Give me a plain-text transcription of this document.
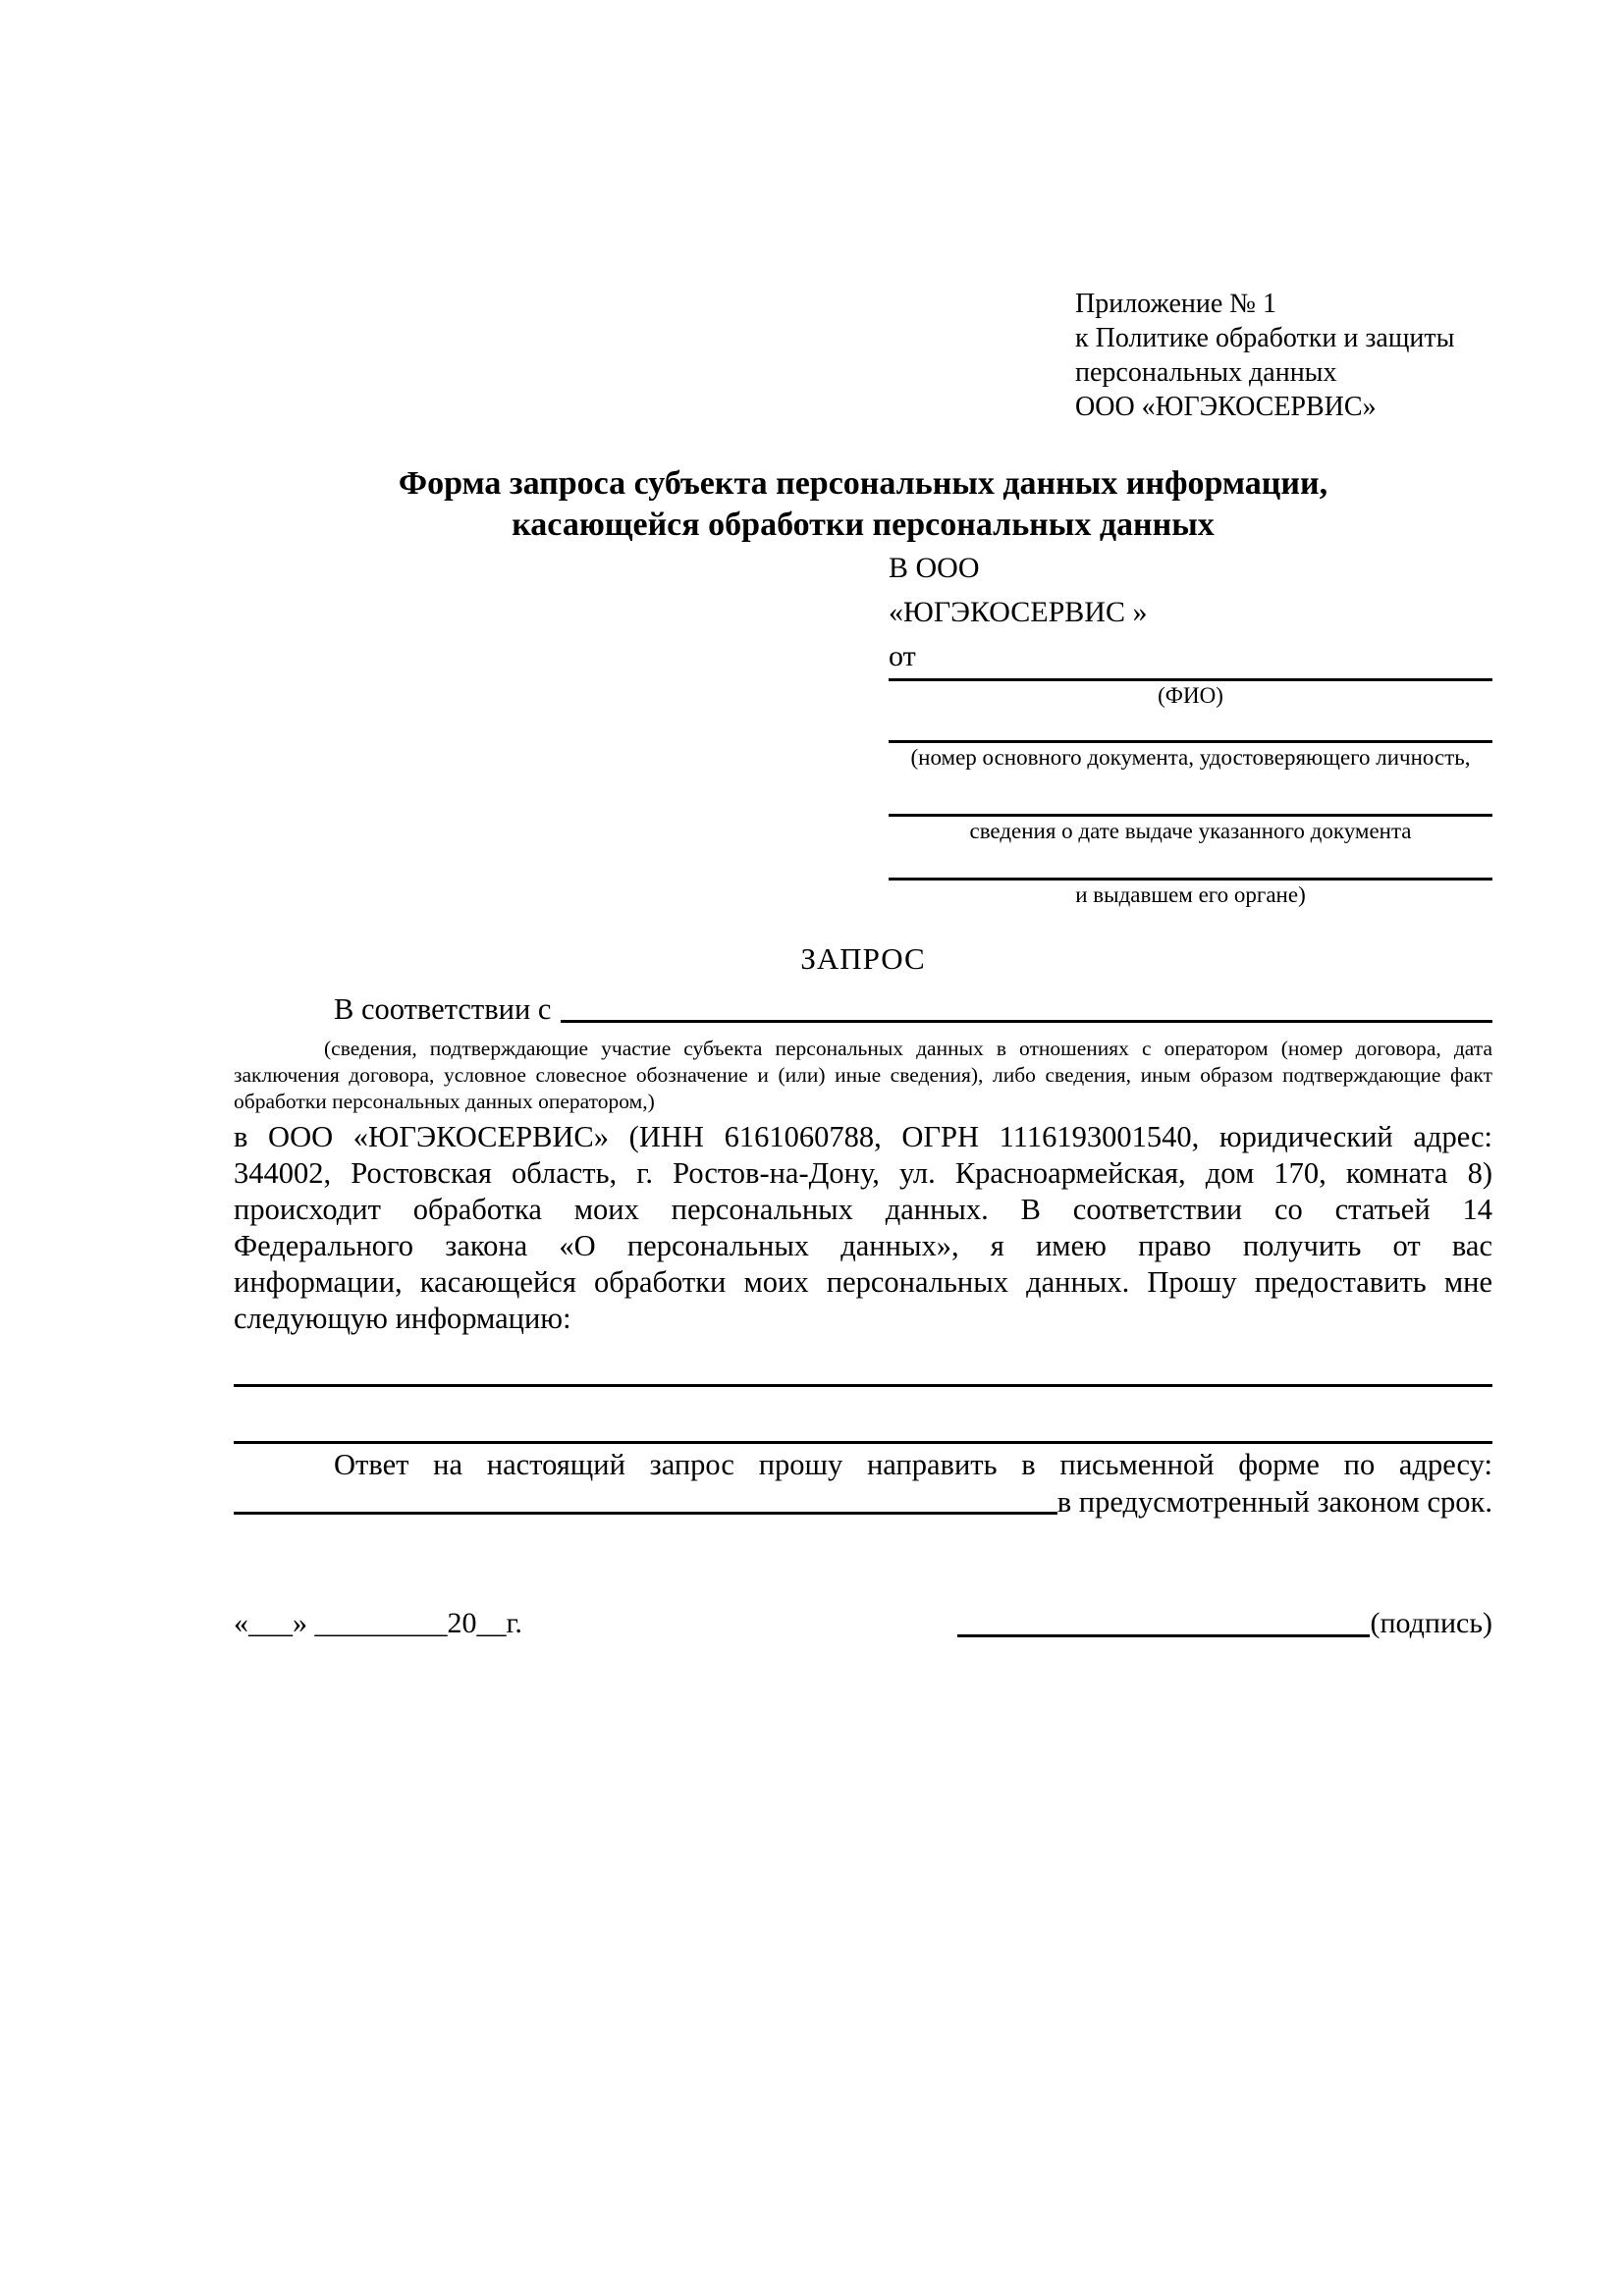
Приложение № 1
к Политике обработки и защиты
персональных данных
ООО «ЮГЭКОСЕРВИС»
Форма запроса субъекта персональных данных информации,
касающейся обработки персональных данных
В ООО
«ЮГЭКОСЕРВИС »
от
(ФИО)
(номер основного документа, удостоверяющего личность,
сведения о дате выдаче указанного документа
и выдавшем его органе)
ЗАПРОС
В соответствии с
(сведения, подтверждающие участие субъекта персональных данных в отношениях с оператором (номер договора, дата
заключения договора, условное словесное обозначение и (или) иные сведения), либо сведения, иным образом подтверждающие факт
обработки персональных данных оператором,)
в ООО «ЮГЭКОСЕРВИС» (ИНН 6161060788, ОГРН 1116193001540, юридический адрес:
344002, Ростовская область, г. Ростов-на-Дону, ул. Красноармейская, дом 170, комната 8)
происходит обработка моих персональных данных. В соответствии со статьей 14
Федерального закона «О персональных данных», я имею право получить от вас
информации, касающейся обработки моих персональных данных. Прошу предоставить мне
следующую информацию:
Ответ на настоящий запрос прошу направить в письменной форме по адресу:
в предусмотренный законом срок.
«___» _________20__г.	(подпись)
